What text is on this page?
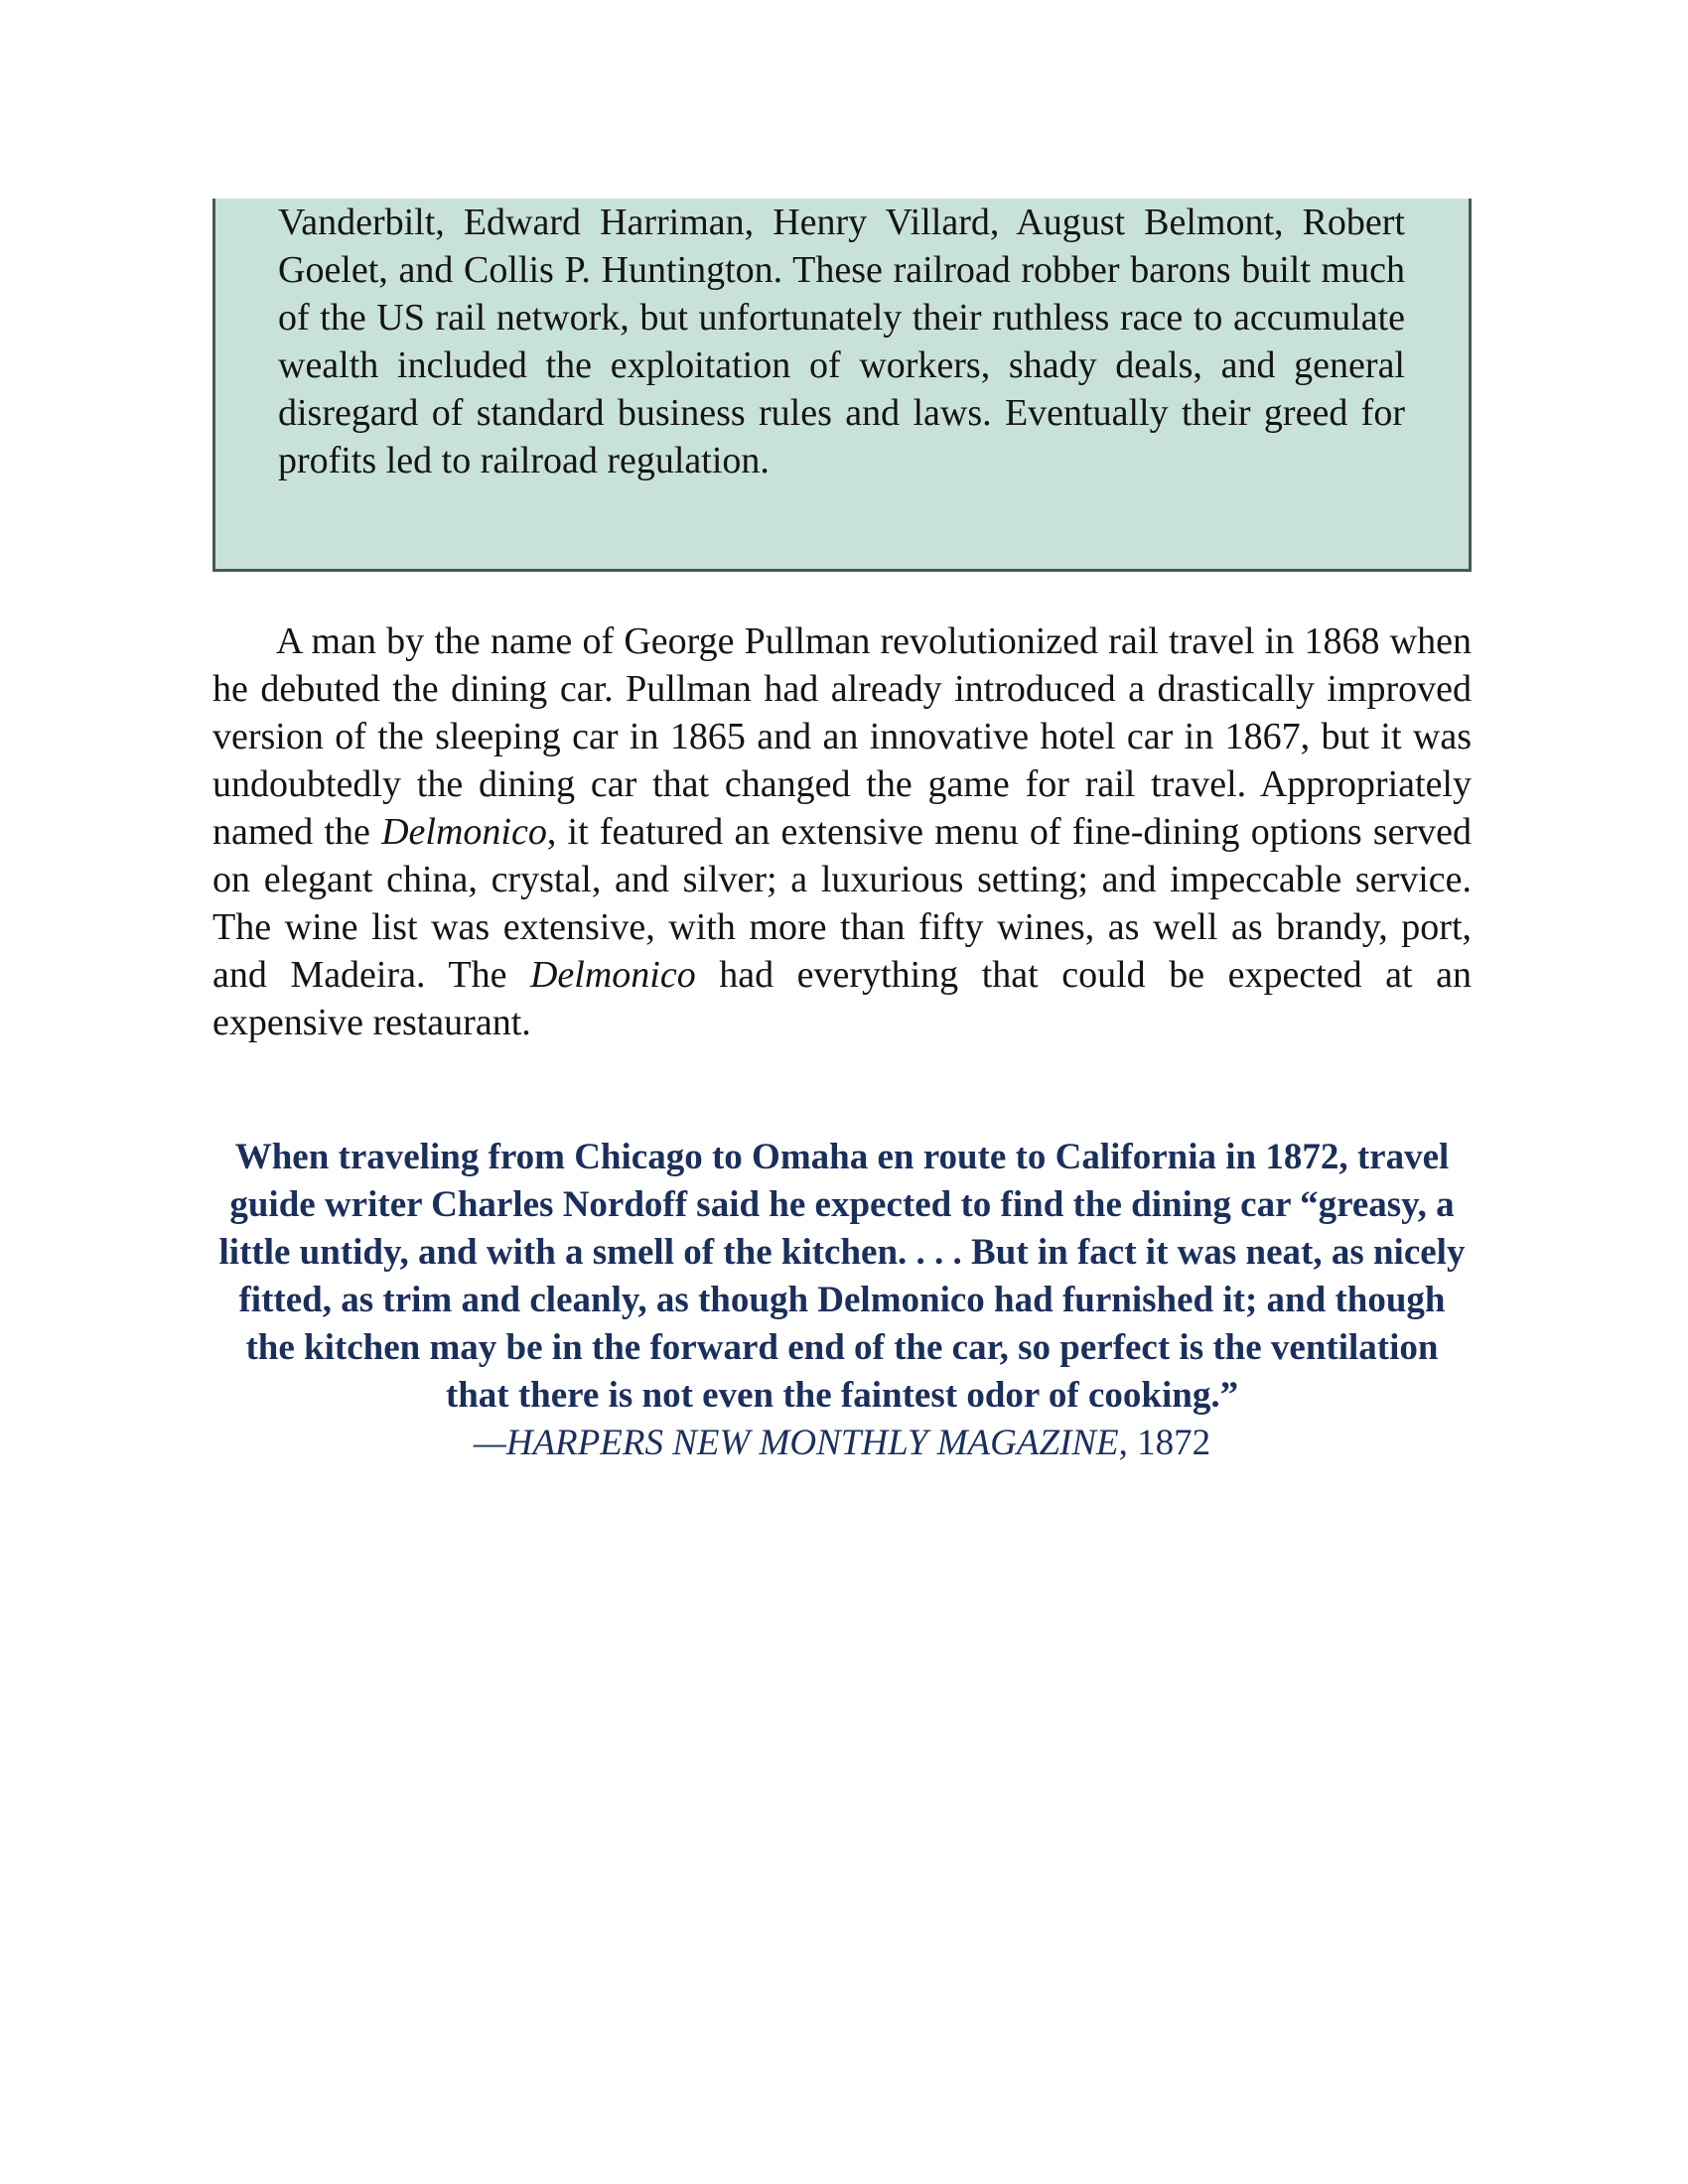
Vanderbilt, Edward Harriman, Henry Villard, August Belmont, Robert Goelet, and Collis P. Huntington. These railroad robber barons built much of the US rail network, but unfortunately their ruthless race to accumulate wealth included the exploitation of workers, shady deals, and general disregard of standard business rules and laws. Eventually their greed for profits led to railroad regulation.

A man by the name of George Pullman revolutionized rail travel in 1868 when he debuted the dining car. Pullman had already introduced a drastically improved version of the sleeping car in 1865 and an innovative hotel car in 1867, but it was undoubtedly the dining car that changed the game for rail travel. Appropriately named the Delmonico, it featured an extensive menu of fine-dining options served on elegant china, crystal, and silver; a luxurious setting; and impeccable service. The wine list was extensive, with more than fifty wines, as well as brandy, port, and Madeira. The Delmonico had everything that could be expected at an expensive restaurant.

When traveling from Chicago to Omaha en route to California in 1872, travel guide writer Charles Nordoff said he expected to find the dining car “greasy, a little untidy, and with a smell of the kitchen. . . . But in fact it was neat, as nicely fitted, as trim and cleanly, as though Delmonico had furnished it; and though the kitchen may be in the forward end of the car, so perfect is the ventilation that there is not even the faintest odor of cooking.”

—HARPERS NEW MONTHLY MAGAZINE, 1872
